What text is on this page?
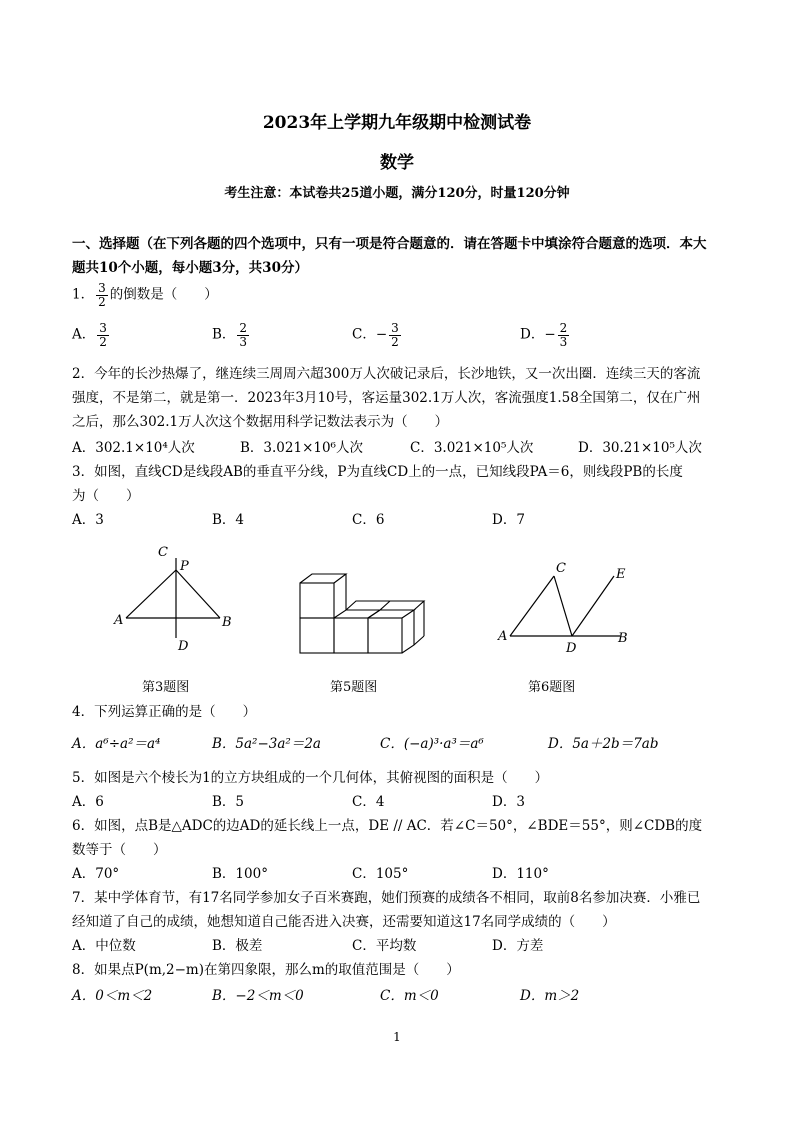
2023年上学期九年级期中检测试卷
数学
考生注意：本试卷共25道小题，满分120分，时量120分钟
一、选择题（在下列各题的四个选项中，只有一项是符合题意的．请在答题卡中填涂符合题意的选项．本大
题共10个小题，每小题3分，共30分）
1． $\frac{3}{2}$ 的倒数是（　　）
A． $\frac{3}{2}$	B． $\frac{2}{3}$	C．− $\frac{3}{2}$	D．− $\frac{2}{3}$
2．今年的长沙热爆了，继连续三周周六超300万人次破记录后，长沙地铁，又一次出圈．连续三天的客流
强度，不是第二，就是第一．2023年3月10号，客运量302.1万人次，客流强度1.58全国第二，仅在广州
之后，那么302.1万人次这个数据用科学记数法表示为（　　）
A．302.1×10⁴人次	B．3.021×10⁶人次	C．3.021×10⁵人次	D．30.21×10⁵人次
3．如图，直线CD是线段AB的垂直平分线，P为直线CD上的一点，已知线段PA＝6，则线段PB的长度
为（　　）
A．3	B．4	C．6	D．7
C
P
A	B
D
第3题图	第5题图
C	E
A
D
B
第6题图
4．下列运算正确的是（　　）
A．a⁶÷a²＝a⁴	B．5a²−3a²＝2a	C．(−a)³·a³＝a⁶	D．5a＋2b＝7ab
5．如图是六个棱长为1的立方块组成的一个几何体，其俯视图的面积是（　　）
A．6	B．5	C．4	D．3
6．如图，点B是△ADC的边AD的延长线上一点，DE // AC．若∠C＝50°，∠BDE＝55°，则∠CDB的度
数等于（　　）
A．70°	B．100°	C．105°	D．110°
7．某中学体育节，有17名同学参加女子百米赛跑，她们预赛的成绩各不相同，取前8名参加决赛．小雅已
经知道了自己的成绩，她想知道自己能否进入决赛，还需要知道这17名同学成绩的（　　）
A．中位数	B．极差	C．平均数	D．方差
8．如果点P(m,2−m)在第四象限，那么m的取值范围是（　　）
A．0＜m＜2	B．−2＜m＜0	C．m＜0	D．m＞2
1
